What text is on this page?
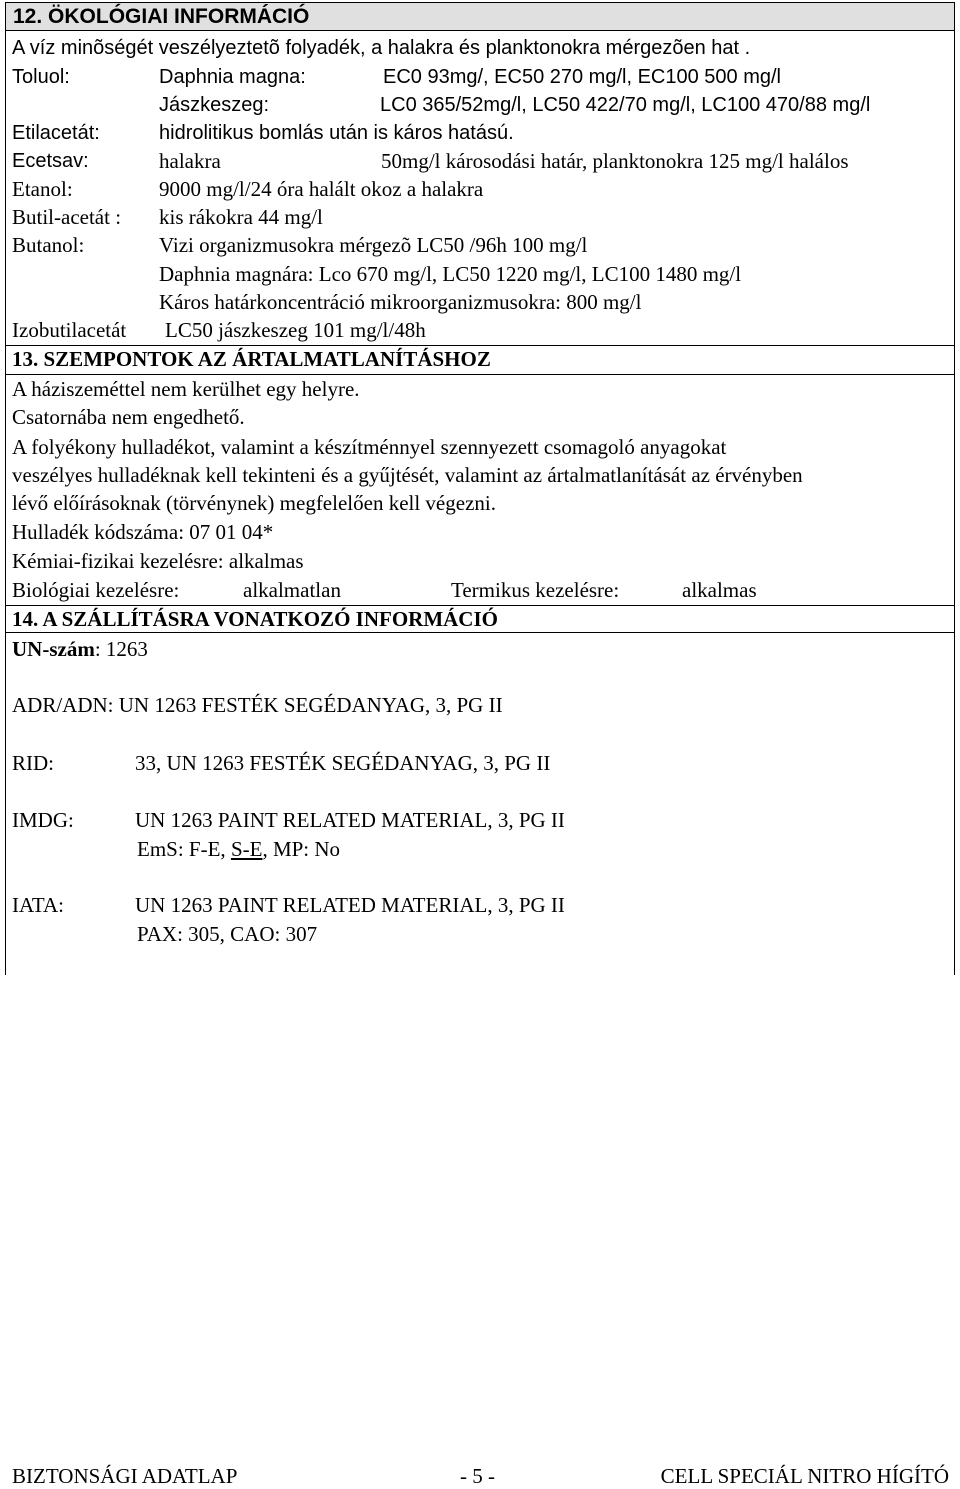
12. ÖKOLÓGIAI INFORMÁCIÓ
A víz minõségét veszélyeztetõ folyadék, a halakra és planktonokra mérgezõen hat .
Toluol:	Daphnia magna:	EC0 93mg/, EC50 270 mg/l, EC100 500 mg/l
Jászkeszeg:	LC0 365/52mg/l, LC50 422/70 mg/l, LC100 470/88 mg/l
Etilacetát:	hidrolitikus bomlás után is káros hatású.
Ecetsav:	halakra	50mg/l károsodási határ, planktonokra 125 mg/l halálos
Etanol:	9000 mg/l/24 óra halált okoz a halakra
Butil-acetát : kis rákokra 44 mg/l
Butanol:	Vizi organizmusokra mérgezõ LC50 /96h 100 mg/l
Daphnia magnára: Lco 670 mg/l, LC50 1220 mg/l, LC100 1480 mg/l
Káros határkoncentráció mikroorganizmusokra: 800 mg/l
Izobutilacetát LC50 jászkeszeg 101 mg/l/48h
13. SZEMPONTOK AZ ÁRTALMATLANÍTÁSHOZ
A háziszeméttel nem kerülhet egy helyre.
Csatornába nem engedhető.
A folyékony hulladékot, valamint a készítménnyel szennyezett csomagoló anyagokat
veszélyes hulladéknak kell tekinteni és a gyűjtését, valamint az ártalmatlanítását az érvényben
lévő előírásoknak (törvénynek) megfelelően kell végezni.
Hulladék kódszáma: 07 01 04*
Kémiai-fizikai kezelésre: alkalmas
Biológiai kezelésre:	alkalmatlan	Termikus kezelésre:	alkalmas
14. A SZÁLLÍTÁSRA VONATKOZÓ INFORMÁCIÓ
UN-szám: 1263
ADR/ADN: UN 1263 FESTÉK SEGÉDANYAG, 3, PG II
RID:	33, UN 1263 FESTÉK SEGÉDANYAG, 3, PG II
IMDG:	UN 1263 PAINT RELATED MATERIAL, 3, PG II
EmS: F-E, S-E, MP: No
IATA:	UN 1263 PAINT RELATED MATERIAL, 3, PG II
PAX: 305, CAO: 307
BIZTONSÁGI ADATLAP	- 5 -	CELL SPECIÁL NITRO HÍGÍTÓ
